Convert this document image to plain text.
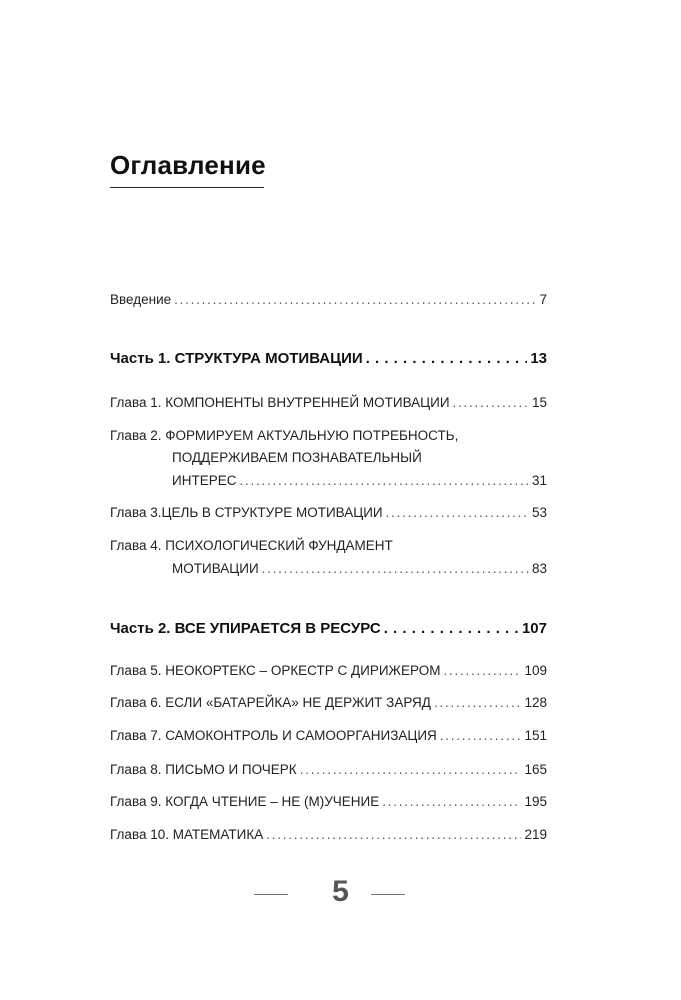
Оглавление
Введение . . .	7
Часть 1. СТРУКТУРА МОТИВАЦИИ . . .	13
Глава 1. КОМПОНЕНТЫ ВНУТРЕННЕЙ МОТИВАЦИИ . . .	15
Глава 2. ФОРМИРУЕМ АКТУАЛЬНУЮ ПОТРЕБНОСТЬ,
ПОДДЕРЖИВАЕМ ПОЗНАВАТЕЛЬНЫЙ
ИНТЕРЕС . . .	31
Глава 3.ЦЕЛЬ В СТРУКТУРЕ МОТИВАЦИИ . . .	53
Глава 4. ПСИХОЛОГИЧЕСКИЙ ФУНДАМЕНТ
МОТИВАЦИИ . . .	83
Часть 2. ВСЕ УПИРАЕТСЯ В РЕСУРС . . .	107
Глава 5. НЕОКОРТЕКС – ОРКЕСТР С ДИРИЖЕРОМ . . .	109
Глава 6. ЕСЛИ «БАТАРЕЙКА» НЕ ДЕРЖИТ ЗАРЯД . . .	128
Глава 7. САМОКОНТРОЛЬ И САМООРГАНИЗАЦИЯ . . .	151
Глава 8. ПИСЬМО И ПОЧЕРК . . .	165
Глава 9. КОГДА ЧТЕНИЕ – НЕ (М)УЧЕНИЕ . . .	195
Глава 10. МАТЕМАТИКА . . .	219
5
